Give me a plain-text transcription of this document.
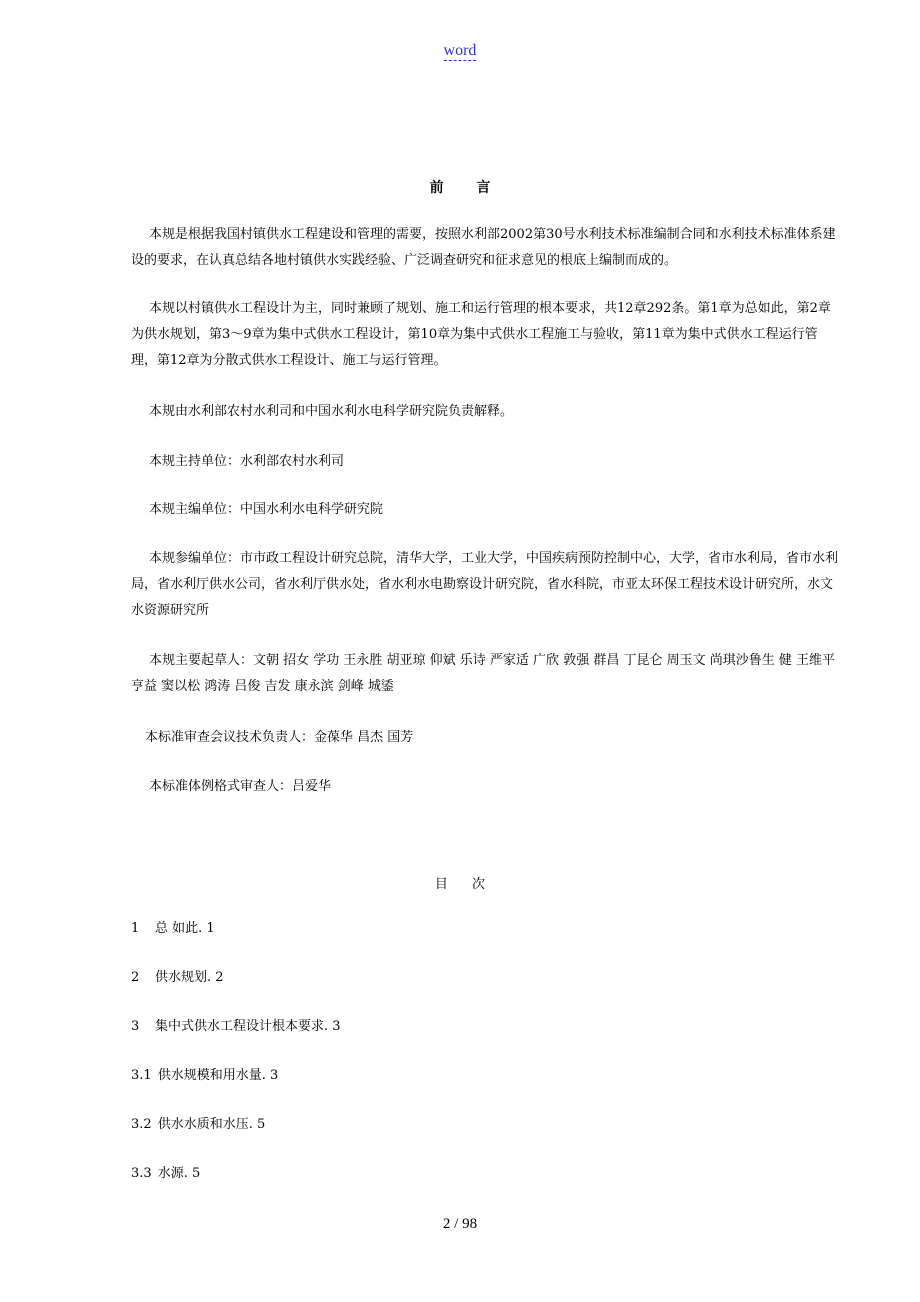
word
前 言

本规是根据我国村镇供水工程建设和管理的需要，按照水利部2002第30号水利技术标准编制合同和水利技术标准体系建设的要求，在认真总结各地村镇供水实践经验、广泛调查研究和征求意见的根底上编制而成的。

本规以村镇供水工程设计为主，同时兼顾了规划、施工和运行管理的根本要求，共12章292条。第1章为总如此，第2章为供水规划，第3～9章为集中式供水工程设计，第10章为集中式供水工程施工与验收，第11章为集中式供水工程运行管理，第12章为分散式供水工程设计、施工与运行管理。

本规由水利部农村水利司和中国水利水电科学研究院负责解释。

本规主持单位：水利部农村水利司

本规主编单位：中国水利水电科学研究院

本规参编单位：市市政工程设计研究总院，清华大学，工业大学，中国疾病预防控制中心，大学，省市水利局，省市水利局，省水利厅供水公司，省水利厅供水处，省水利水电勘察设计研究院，省水科院，市亚太环保工程技术设计研究所，水文水资源研究所

本规主要起草人：文朝 招女 学功 王永胜 胡亚琼 仰斌 乐诗 严家适 广欣 敦强 群昌 丁昆仑 周玉文 尚琪沙鲁生 健 王维平 亨益 窦以松 鸿涛 吕俊 吉发 康永滨 剑峰 城鋈

本标准审查会议技术负责人：金葆华 昌杰 国芳

本标准体例格式审查人：吕爱华

目 次

1 总 如此. 1

2 供水规划. 2

3 集中式供水工程设计根本要求. 3

3.1 供水规模和用水量. 3

3.2 供水水质和水压. 5

3.3 水源. 5

2 / 98
